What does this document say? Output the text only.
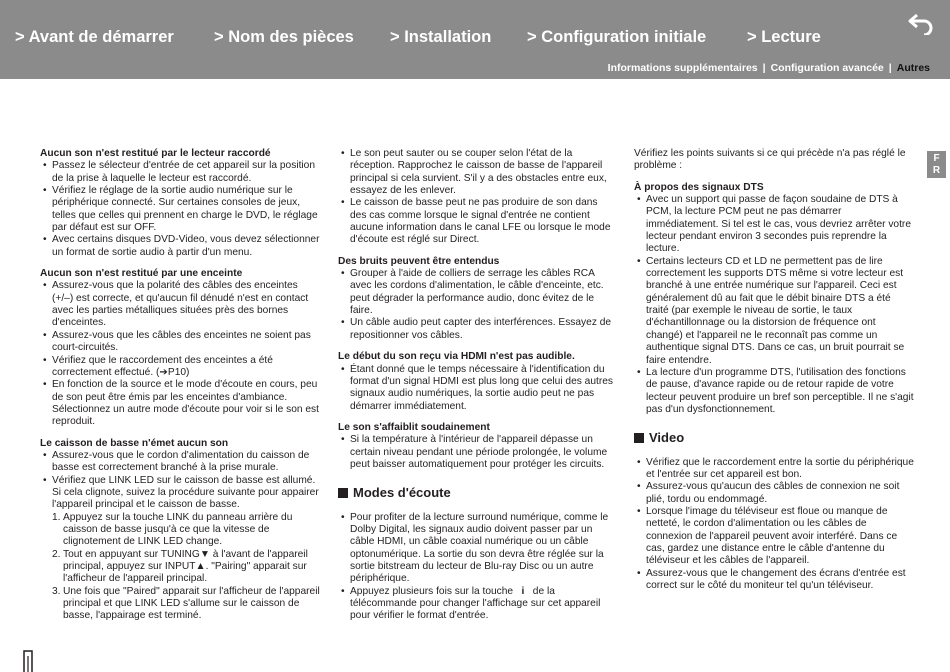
> Avant de démarrer > Nom des pièces > Installation > Configuration initiale > Lecture
Informations supplémentaires | Configuration avancée | Autres

Aucun son n'est restitué par le lecteur raccordé

• Passez le sélecteur d'entrée de cet appareil sur la position de la prise à laquelle le lecteur est raccordé.
• Vérifiez le réglage de la sortie audio numérique sur le périphérique connecté. Sur certaines consoles de jeux, telles que celles qui prennent en charge le DVD, le réglage par défaut est sur OFF.
• Avec certains disques DVD-Video, vous devez sélectionner un format de sortie audio à partir d'un menu.

Aucun son n'est restitué par une enceinte

• Assurez-vous que la polarité des câbles des enceintes (+/–) est correcte, et qu'aucun fil dénudé n'est en contact avec les parties métalliques situées près des bornes d'enceintes.
• Assurez-vous que les câbles des enceintes ne soient pas court-circuités.
• Vérifiez que le raccordement des enceintes a été correctement effectué. (➔P10)
• En fonction de la source et le mode d'écoute en cours, peu de son peut être émis par les enceintes d'ambiance. Sélectionnez un autre mode d'écoute pour voir si le son est reproduit.

Le caisson de basse n'émet aucun son

• Assurez-vous que le cordon d'alimentation du caisson de basse est correctement branché à la prise murale.
• Vérifiez que LINK LED sur le caisson de basse est allumé. Si cela clignote, suivez la procédure suivante pour appairer l'appareil principal et le caisson de basse.
1. Appuyez sur la touche LINK du panneau arrière du caisson de basse jusqu'à ce que la vitesse de clignotement de LINK LED change.
2. Tout en appuyant sur TUNING▼ à l'avant de l'appareil principal, appuyez sur INPUT▲. "Pairing" apparait sur l'afficheur de l'appareil principal.
3. Une fois que "Paired" apparait sur l'afficheur de l'appareil principal et que LINK LED s'allume sur le caisson de basse, l'appairage est terminé.
• Le son peut sauter ou se couper selon l'état de la réception. Rapprochez le caisson de basse de l'appareil principal si cela survient. S'il y a des obstacles entre eux, essayez de les enlever.
• Le caisson de basse peut ne pas produire de son dans des cas comme lorsque le signal d'entrée ne contient aucune information dans le canal LFE ou lorsque le mode d'écoute est réglé sur Direct.

Des bruits peuvent être entendus

• Grouper à l'aide de colliers de serrage les câbles RCA avec les cordons d'alimentation, le câble d'enceinte, etc. peut dégrader la performance audio, donc évitez de le faire.
• Un câble audio peut capter des interférences. Essayez de repositionner vos câbles.

Le début du son reçu via HDMI n'est pas audible.

• Étant donné que le temps nécessaire à l'identification du format d'un signal HDMI est plus long que celui des autres signaux audio numériques, la sortie audio peut ne pas démarrer immédiatement.

Le son s'affaiblit soudainement

• Si la température à l'intérieur de l'appareil dépasse un certain niveau pendant une période prolongée, le volume peut baisser automatiquement pour protéger les circuits.
Modes d'écoute
• Pour profiter de la lecture surround numérique, comme le Dolby Digital, les signaux audio doivent passer par un câble HDMI, un câble coaxial numérique ou un câble optonumérique. La sortie du son devra être réglée sur la sortie bitstream du lecteur de Blu-ray Disc ou un autre périphérique.
• Appuyez plusieurs fois sur la touche i de la télécommande pour changer l'affichage sur cet appareil pour vérifier le format d'entrée.

Vérifiez les points suivants si ce qui précède n'a pas réglé le problème :

À propos des signaux DTS

• Avec un support qui passe de façon soudaine de DTS à PCM, la lecture PCM peut ne pas démarrer immédiatement. Si tel est le cas, vous devriez arrêter votre lecteur pendant environ 3 secondes puis reprendre la lecture.
• Certains lecteurs CD et LD ne permettent pas de lire correctement les supports DTS même si votre lecteur est branché à une entrée numérique sur l'appareil. Ceci est généralement dû au fait que le débit binaire DTS a été traité (par exemple le niveau de sortie, le taux d'échantillonnage ou la distorsion de fréquence ont changé) et l'appareil ne le reconnaît pas comme un authentique signal DTS. Dans ce cas, un bruit pourrait se faire entendre.
• La lecture d'un programme DTS, l'utilisation des fonctions de pause, d'avance rapide ou de retour rapide de votre lecteur peuvent produire un bref son perceptible. Il ne s'agit pas d'un dysfonctionnement.
Video
• Vérifiez que le raccordement entre la sortie du périphérique et l'entrée sur cet appareil est bon.
• Assurez-vous qu'aucun des câbles de connexion ne soit plié, tordu ou endommagé.
• Lorsque l'image du téléviseur est floue ou manque de netteté, le cordon d'alimentation ou les câbles de connexion de l'appareil peuvent avoir interféré. Dans ce cas, gardez une distance entre le câble d'antenne du téléviseur et les câbles de l'appareil.
• Assurez-vous que le changement des écrans d'entrée est correct sur le côté du moniteur tel qu'un téléviseur.
F
R
